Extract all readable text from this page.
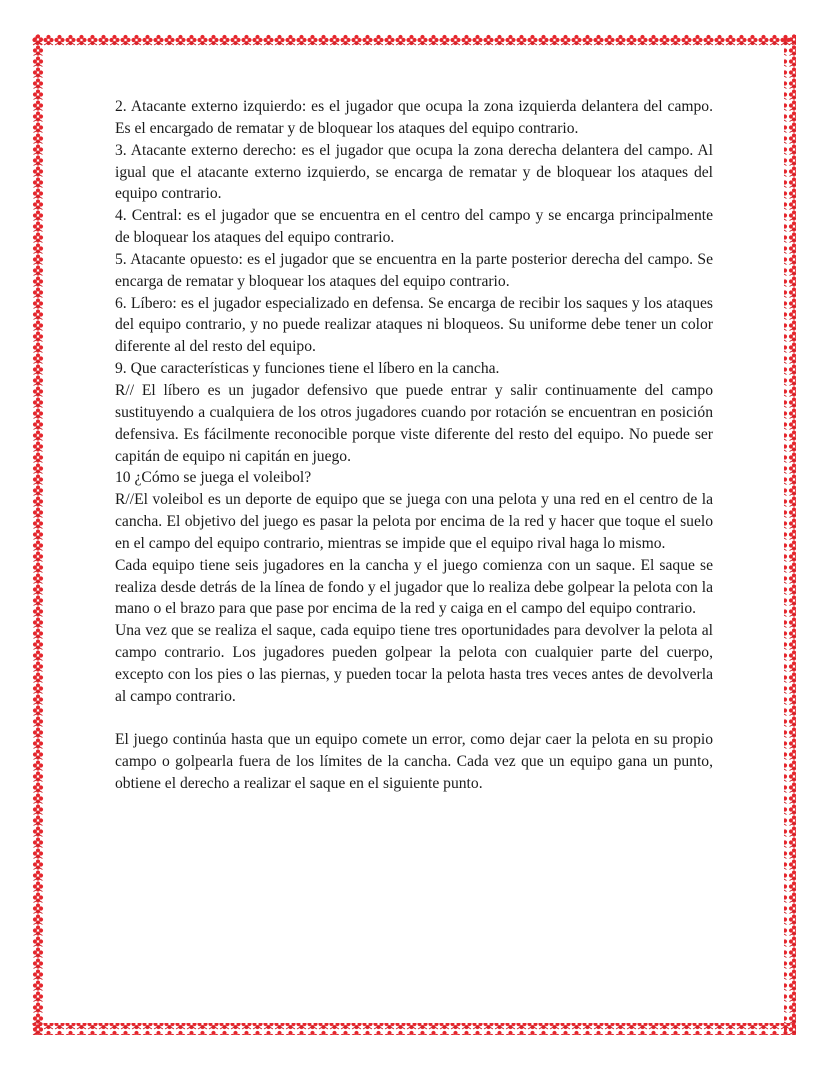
2. Atacante externo izquierdo: es el jugador que ocupa la zona izquierda delantera del campo. Es el encargado de rematar y de bloquear los ataques del equipo contrario.

3. Atacante externo derecho: es el jugador que ocupa la zona derecha delantera del campo. Al igual que el atacante externo izquierdo, se encarga de rematar y de bloquear los ataques del equipo contrario.

4. Central: es el jugador que se encuentra en el centro del campo y se encarga principalmente de bloquear los ataques del equipo contrario.

5. Atacante opuesto: es el jugador que se encuentra en la parte posterior derecha del campo. Se encarga de rematar y bloquear los ataques del equipo contrario.

6. Líbero: es el jugador especializado en defensa. Se encarga de recibir los saques y los ataques del equipo contrario, y no puede realizar ataques ni bloqueos. Su uniforme debe tener un color diferente al del resto del equipo.

9. Que características y funciones tiene el líbero en la cancha.

R// El líbero es un jugador defensivo que puede entrar y salir continuamente del campo sustituyendo a cualquiera de los otros jugadores cuando por rotación se encuentran en posición defensiva. Es fácilmente reconocible porque viste diferente del resto del equipo. No puede ser capitán de equipo ni capitán en juego.

10 ¿Cómo se juega el voleibol?

R//El voleibol es un deporte de equipo que se juega con una pelota y una red en el centro de la cancha. El objetivo del juego es pasar la pelota por encima de la red y hacer que toque el suelo en el campo del equipo contrario, mientras se impide que el equipo rival haga lo mismo.

Cada equipo tiene seis jugadores en la cancha y el juego comienza con un saque. El saque se realiza desde detrás de la línea de fondo y el jugador que lo realiza debe golpear la pelota con la mano o el brazo para que pase por encima de la red y caiga en el campo del equipo contrario.

Una vez que se realiza el saque, cada equipo tiene tres oportunidades para devolver la pelota al campo contrario. Los jugadores pueden golpear la pelota con cualquier parte del cuerpo, excepto con los pies o las piernas, y pueden tocar la pelota hasta tres veces antes de devolverla al campo contrario.

El juego continúa hasta que un equipo comete un error, como dejar caer la pelota en su propio campo o golpearla fuera de los límites de la cancha. Cada vez que un equipo gana un punto, obtiene el derecho a realizar el saque en el siguiente punto.
